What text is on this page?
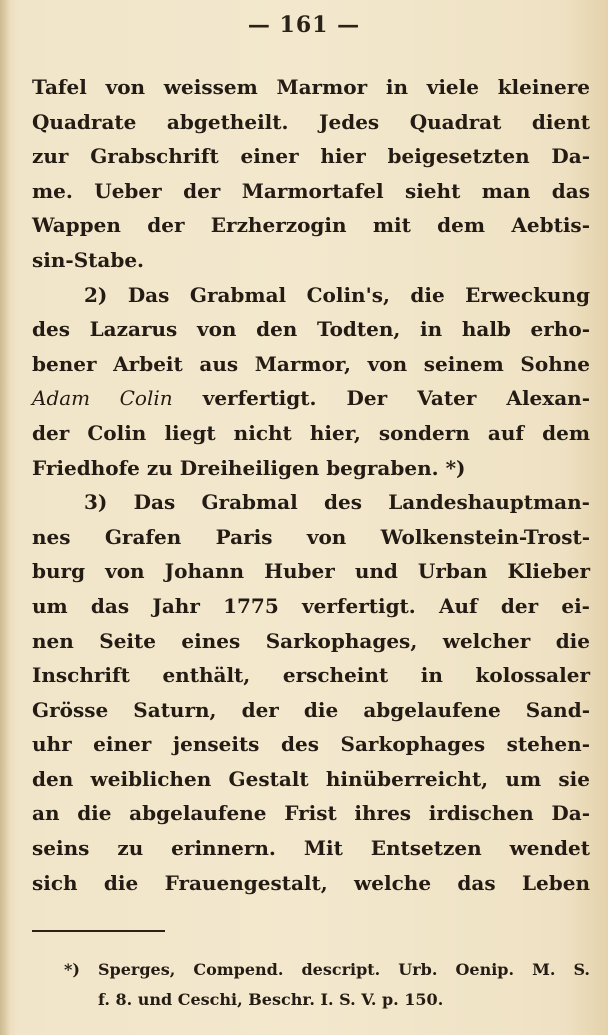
— 161 —
Tafel von weissem Marmor in viele kleinere
Quadrate abgetheilt. Jedes Quadrat dient
zur Grabschrift einer hier beigesetzten Da-
me. Ueber der Marmortafel sieht man das
Wappen der Erzherzogin mit dem Aebtis-
sin-Stabe.
2) Das Grabmal Colin's, die Erweckung
des Lazarus von den Todten, in halb erho-
bener Arbeit aus Marmor, von seinem Sohne
Adam Colin verfertigt. Der Vater Alexan-
der Colin liegt nicht hier, sondern auf dem
Friedhofe zu Dreiheiligen begraben. *)
3) Das Grabmal des Landeshauptman-
nes Grafen Paris von Wolkenstein-Trost-
burg von Johann Huber und Urban Klieber
um das Jahr 1775 verfertigt. Auf der ei-
nen Seite eines Sarkophages, welcher die
Inschrift enthält, erscheint in kolossaler
Grösse Saturn, der die abgelaufene Sand-
uhr einer jenseits des Sarkophages stehen-
den weiblichen Gestalt hinüberreicht, um sie
an die abgelaufene Frist ihres irdischen Da-
seins zu erinnern. Mit Entsetzen wendet
sich die Frauengestalt, welche das Leben
*) Sperges, Compend. descript. Urb. Oenip. M. S.
f. 8. und Ceschi, Beschr. I. S. V. p. 150.
